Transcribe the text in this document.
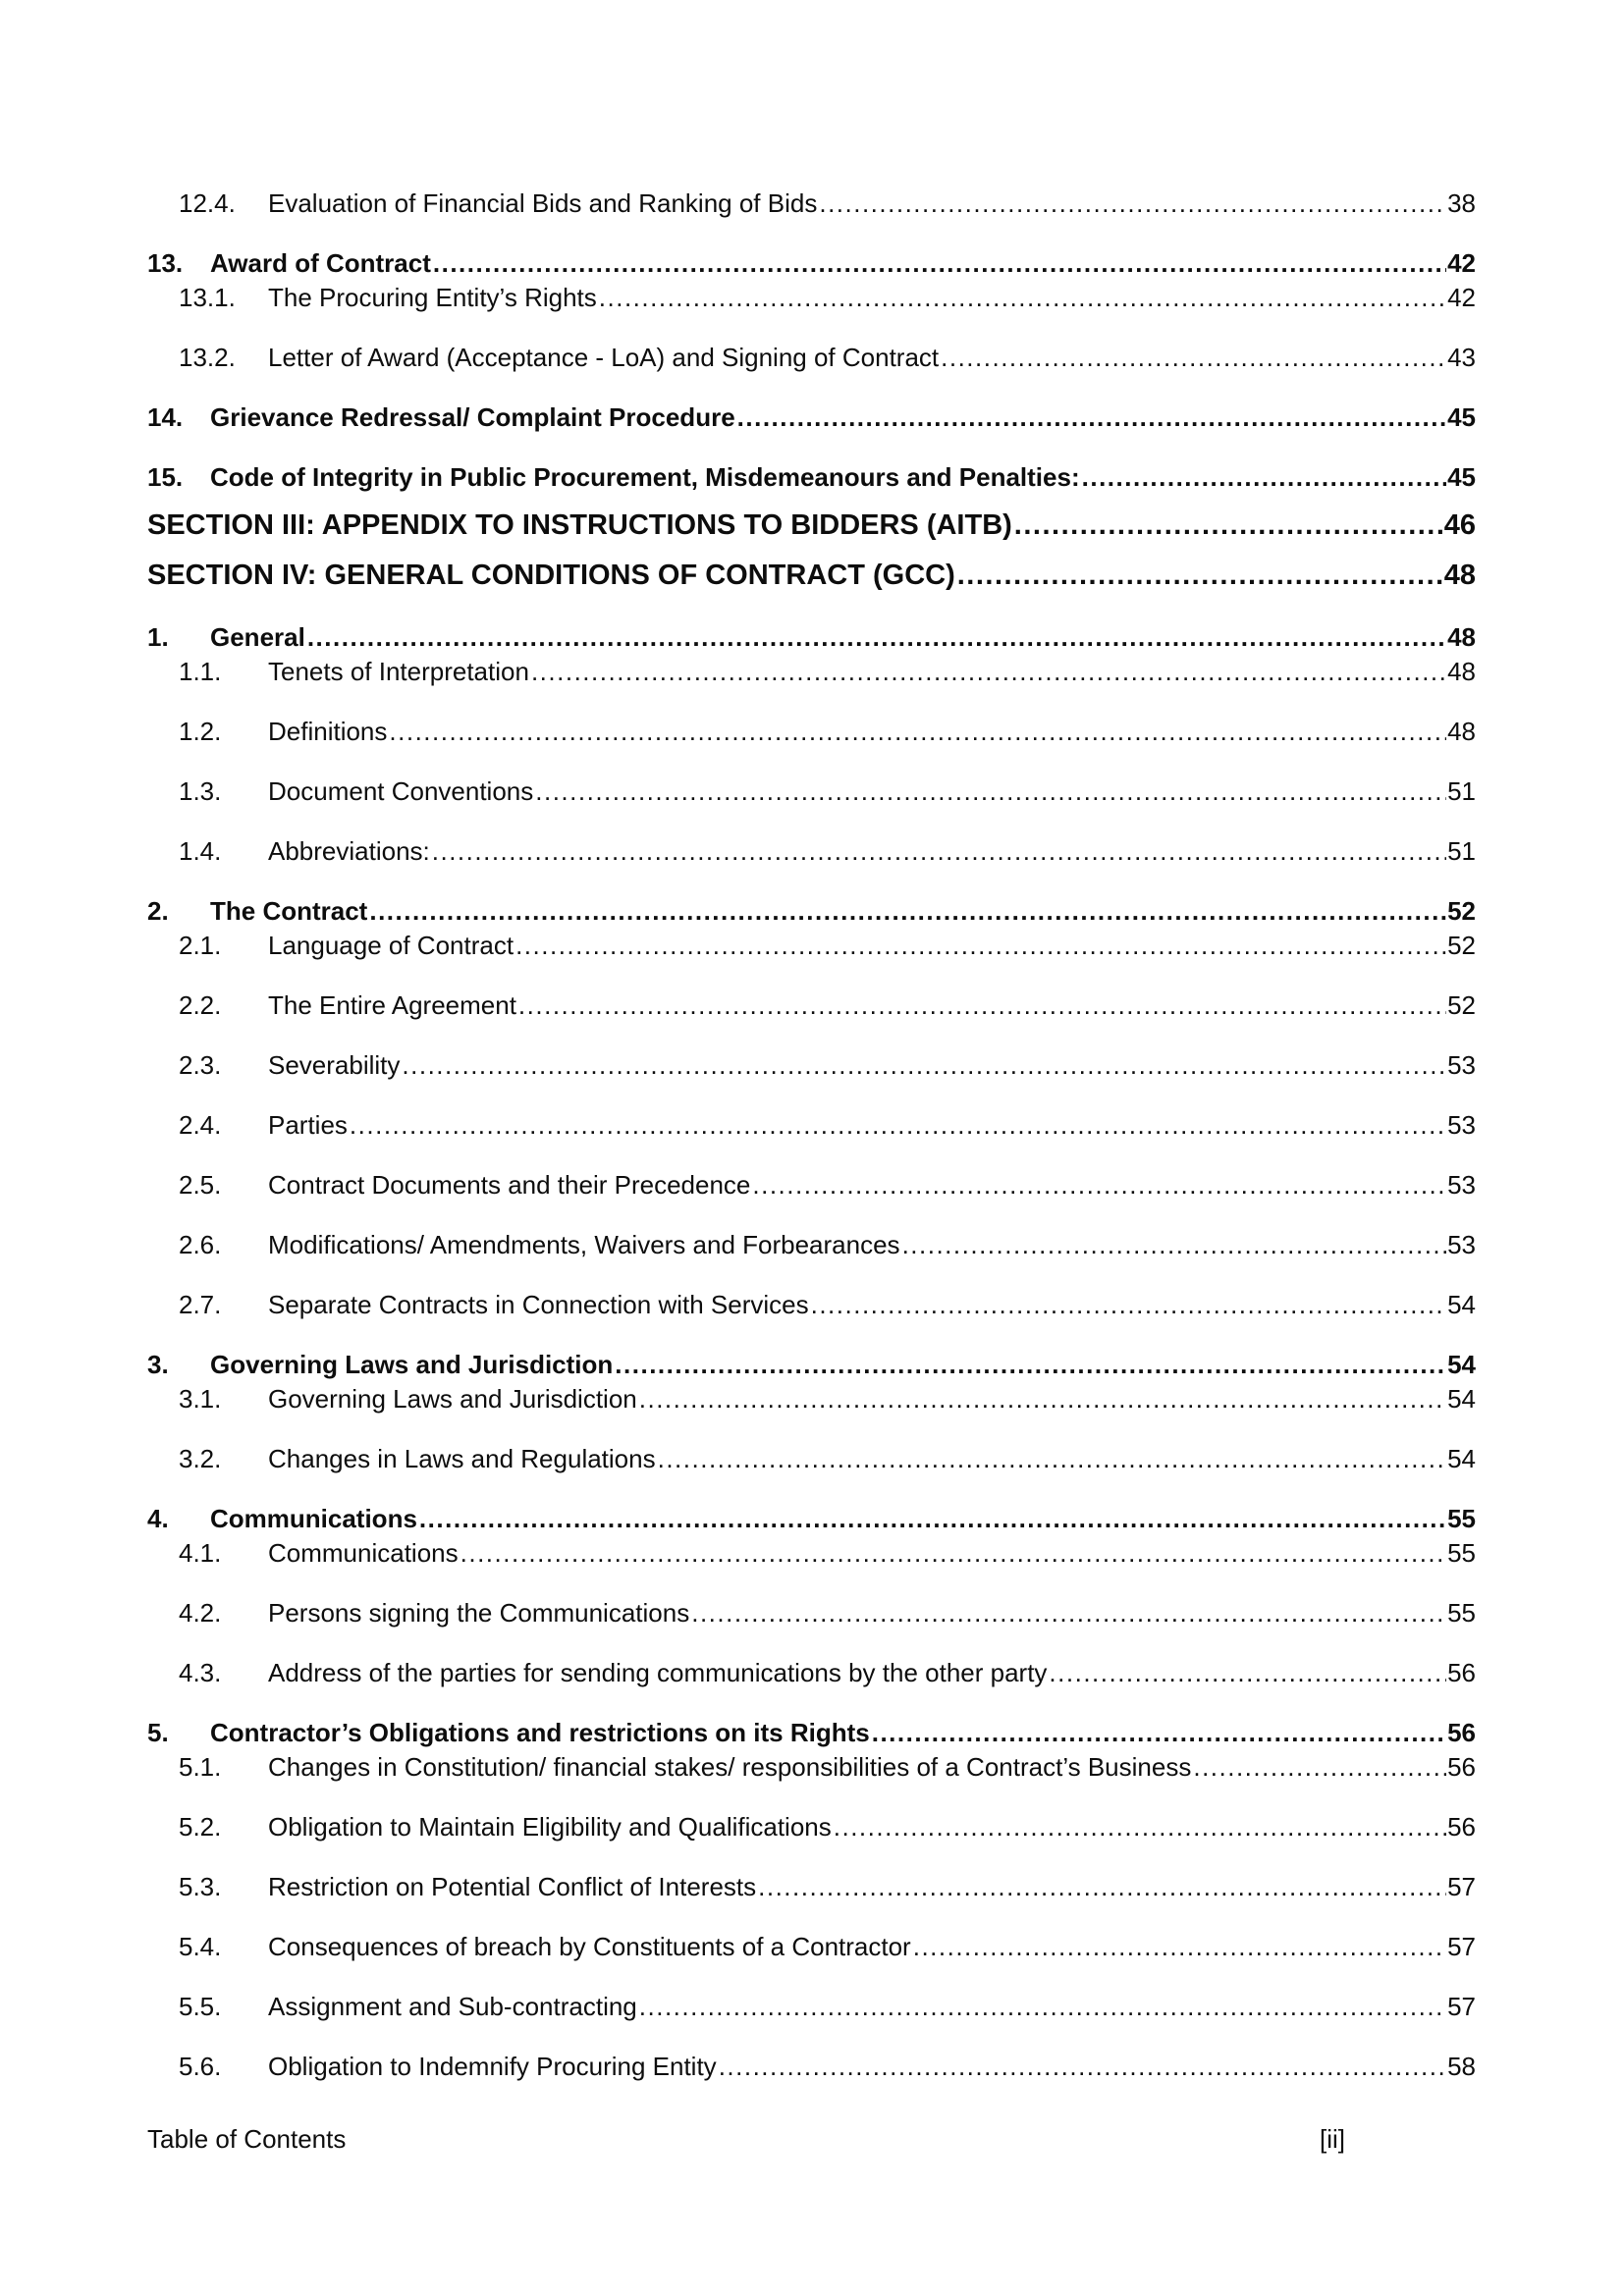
12.4.	Evaluation of Financial Bids and Ranking of Bids .....	38
13.	Award of Contract .....	42
13.1.	The Procuring Entity’s Rights .....	42
13.2.	Letter of Award (Acceptance - LoA) and Signing of Contract .....	43
14.	Grievance Redressal/ Complaint Procedure .....	45
15.	Code of Integrity in Public Procurement, Misdemeanours and Penalties: .....	45
SECTION III: APPENDIX TO INSTRUCTIONS TO BIDDERS (AITB) .....	46
SECTION IV: GENERAL CONDITIONS OF CONTRACT (GCC) .....	48
1.	General .....	48
1.1.	Tenets of Interpretation .....	48
1.2.	Definitions .....	48
1.3.	Document Conventions .....	51
1.4.	Abbreviations: .....	51
2.	The Contract .....	52
2.1.	Language of Contract .....	52
2.2.	The Entire Agreement .....	52
2.3.	Severability .....	53
2.4.	Parties .....	53
2.5.	Contract Documents and their Precedence .....	53
2.6.	Modifications/ Amendments, Waivers and Forbearances .....	53
2.7.	Separate Contracts in Connection with Services .....	54
3.	Governing Laws and Jurisdiction .....	54
3.1.	Governing Laws and Jurisdiction .....	54
3.2.	Changes in Laws and Regulations .....	54
4.	Communications .....	55
4.1.	Communications .....	55
4.2.	Persons signing the Communications .....	55
4.3.	Address of the parties for sending communications by the other party .....	56
5.	Contractor’s Obligations and restrictions on its Rights .....	56
5.1.	Changes in Constitution/ financial stakes/ responsibilities of a Contract’s Business .....	56
5.2.	Obligation to Maintain Eligibility and Qualifications .....	56
5.3.	Restriction on Potential Conflict of Interests .....	57
5.4.	Consequences of breach by Constituents of a Contractor .....	57
5.5.	Assignment and Sub-contracting .....	57
5.6.	Obligation to Indemnify Procuring Entity .....	58
Table of Contents	[ii]
